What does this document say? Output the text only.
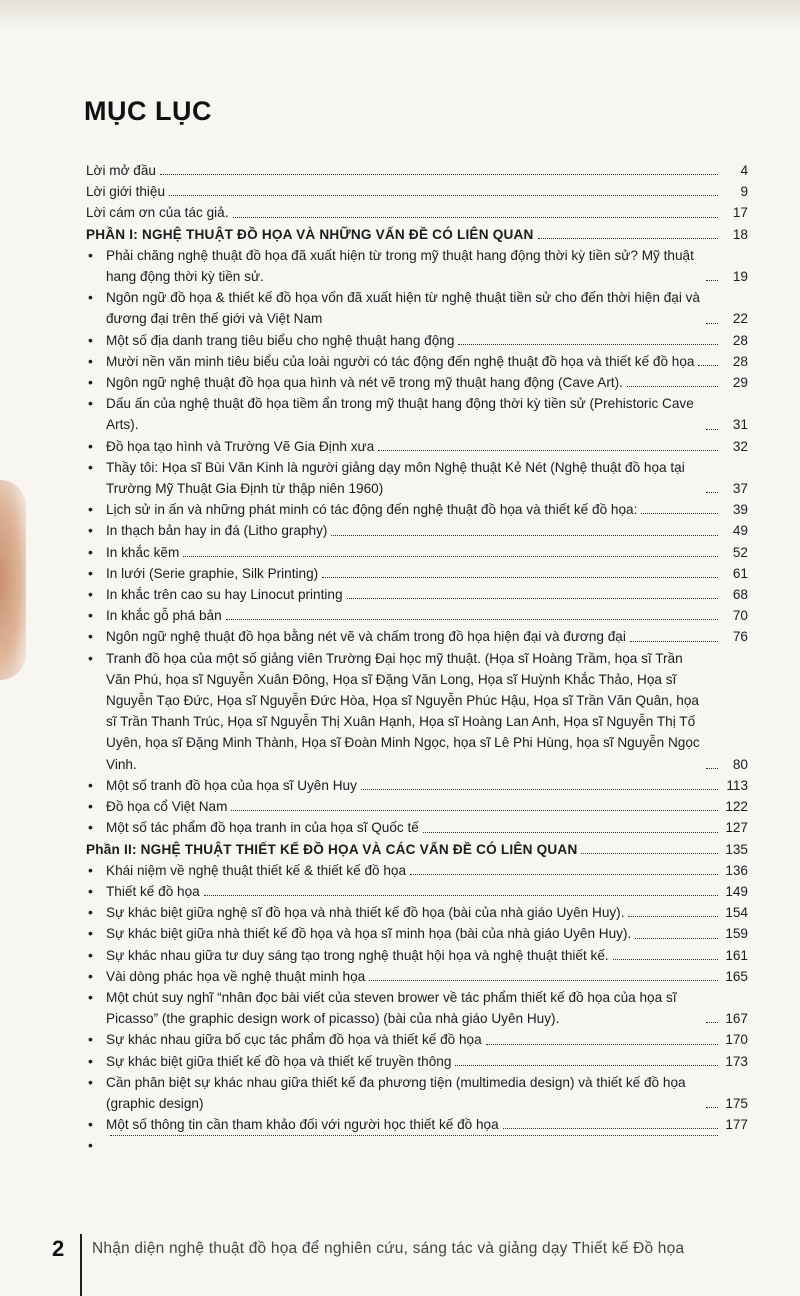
MỤC LỤC
Lời mở đầu	4
Lời giới thiệu	9
Lời cám ơn của tác giả.	17
PHẦN I: NGHỆ THUẬT ĐỒ HỌA VÀ NHỮNG VẤN ĐỀ CÓ LIÊN QUAN	18
• Phải chăng nghệ thuật đồ họa đã xuất hiện từ trong mỹ thuật hang động thời kỳ tiền sử? Mỹ thuật hang động thời kỳ tiền sử.	19
• Ngôn ngữ đồ họa & thiết kế đồ họa vốn đã xuất hiện từ nghệ thuật tiền sử cho đến thời hiện đại và đương đại trên thế giới và Việt Nam	22
• Một số địa danh trang tiêu biểu cho nghệ thuật hang động	28
• Mười nền văn minh tiêu biểu của loài người có tác động đến nghệ thuật đồ họa và thiết kế đồ họa	28
• Ngôn ngữ nghệ thuật đồ họa qua hình và nét vẽ trong mỹ thuật hang động (Cave Art).	29
• Dấu ấn của nghệ thuật đồ họa tiềm ẩn trong mỹ thuật hang động thời kỳ tiền sử (Prehistoric Cave Arts).	31
• Đồ họa tạo hình và Trường Vẽ Gia Định xưa	32
• Thầy tôi: Họa sĩ Bùi Văn Kinh là người giảng dạy môn Nghệ thuật Kẻ Nét (Nghệ thuật đồ họa tại Trường Mỹ Thuật Gia Định từ thập niên 1960)	37
• Lịch sử in ấn và những phát minh có tác động đến nghệ thuật đồ họa và thiết kế đồ họa:	39
• In thạch bản hay in đá (Litho graphy)	49
• In khắc kẽm	52
• In lưới (Serie graphie, Silk Printing)	61
• In khắc trên cao su hay Linocut printing	68
• In khắc gỗ phá bản	70
• Ngôn ngữ nghệ thuật đồ họa bằng nét vẽ và chấm trong đồ họa hiện đại và đương đại	76
• Tranh đồ họa của một số giảng viên Trường Đại học mỹ thuật. (Họa sĩ Hoàng Trầm, họa sĩ Trần Văn Phú, họa sĩ Nguyễn Xuân Đông, Họa sĩ Đặng Văn Long, Họa sĩ Huỳnh Khắc Thảo, Họa sĩ Nguyễn Tạo Đức, Họa sĩ Nguyễn Đức Hòa, Họa sĩ Nguyễn Phúc Hậu, Họa sĩ Trần Văn Quân, họa sĩ Trần Thanh Trúc, Họa sĩ Nguyễn Thị Xuân Hạnh, Họa sĩ Hoàng Lan Anh, Họa sĩ Nguyễn Thị Tố Uyên, họa sĩ Đặng Minh Thành, Họa sĩ Đoàn Minh Ngọc, họa sĩ Lê Phi Hùng, họa sĩ Nguyễn Ngọc Vinh.	80
• Một số tranh đồ họa của họa sĩ Uyên Huy	113
• Đồ họa cổ Việt Nam	122
• Một số tác phẩm đồ họa tranh in của họa sĩ Quốc tế	127
Phần II: NGHỆ THUẬT THIẾT KẾ ĐỒ HỌA VÀ CÁC VẤN ĐỀ CÓ LIÊN QUAN	135
• Khái niệm về nghệ thuật thiết kế & thiết kế đồ họa	136
• Thiết kế đồ họa	149
• Sự khác biệt giữa nghệ sĩ đồ họa và nhà thiết kế đồ họa (bài của nhà giáo Uyên Huy).	154
• Sự khác biệt giữa nhà thiết kế đồ họa và họa sĩ minh họa (bài của nhà giáo Uyên Huy).	159
• Sự khác nhau giữa tư duy sáng tạo trong nghệ thuật hội họa và nghệ thuật thiết kế.	161
• Vài dòng phác họa về nghệ thuật minh họa	165
• Một chút suy nghĩ “nhân đọc bài viết của steven brower về tác phẩm thiết kế đồ họa của họa sĩ Picasso” (the graphic design work of picasso) (bài của nhà giáo Uyên Huy).	167
• Sự khác nhau giữa bố cục tác phẩm đồ họa và thiết kế đồ họa	170
• Sự khác biệt giữa thiết kế đồ họa và thiết kế truyền thông	173
• Cần phân biệt sự khác nhau giữa thiết kế đa phương tiện (multimedia design) và thiết kế đồ họa (graphic design)	175
• Một số thông tin cần tham khảo đối với người học thiết kế đồ họa	177
•
2 Nhận diện nghệ thuật đồ họa để nghiên cứu, sáng tác và giảng dạy Thiết kế Đồ họa
